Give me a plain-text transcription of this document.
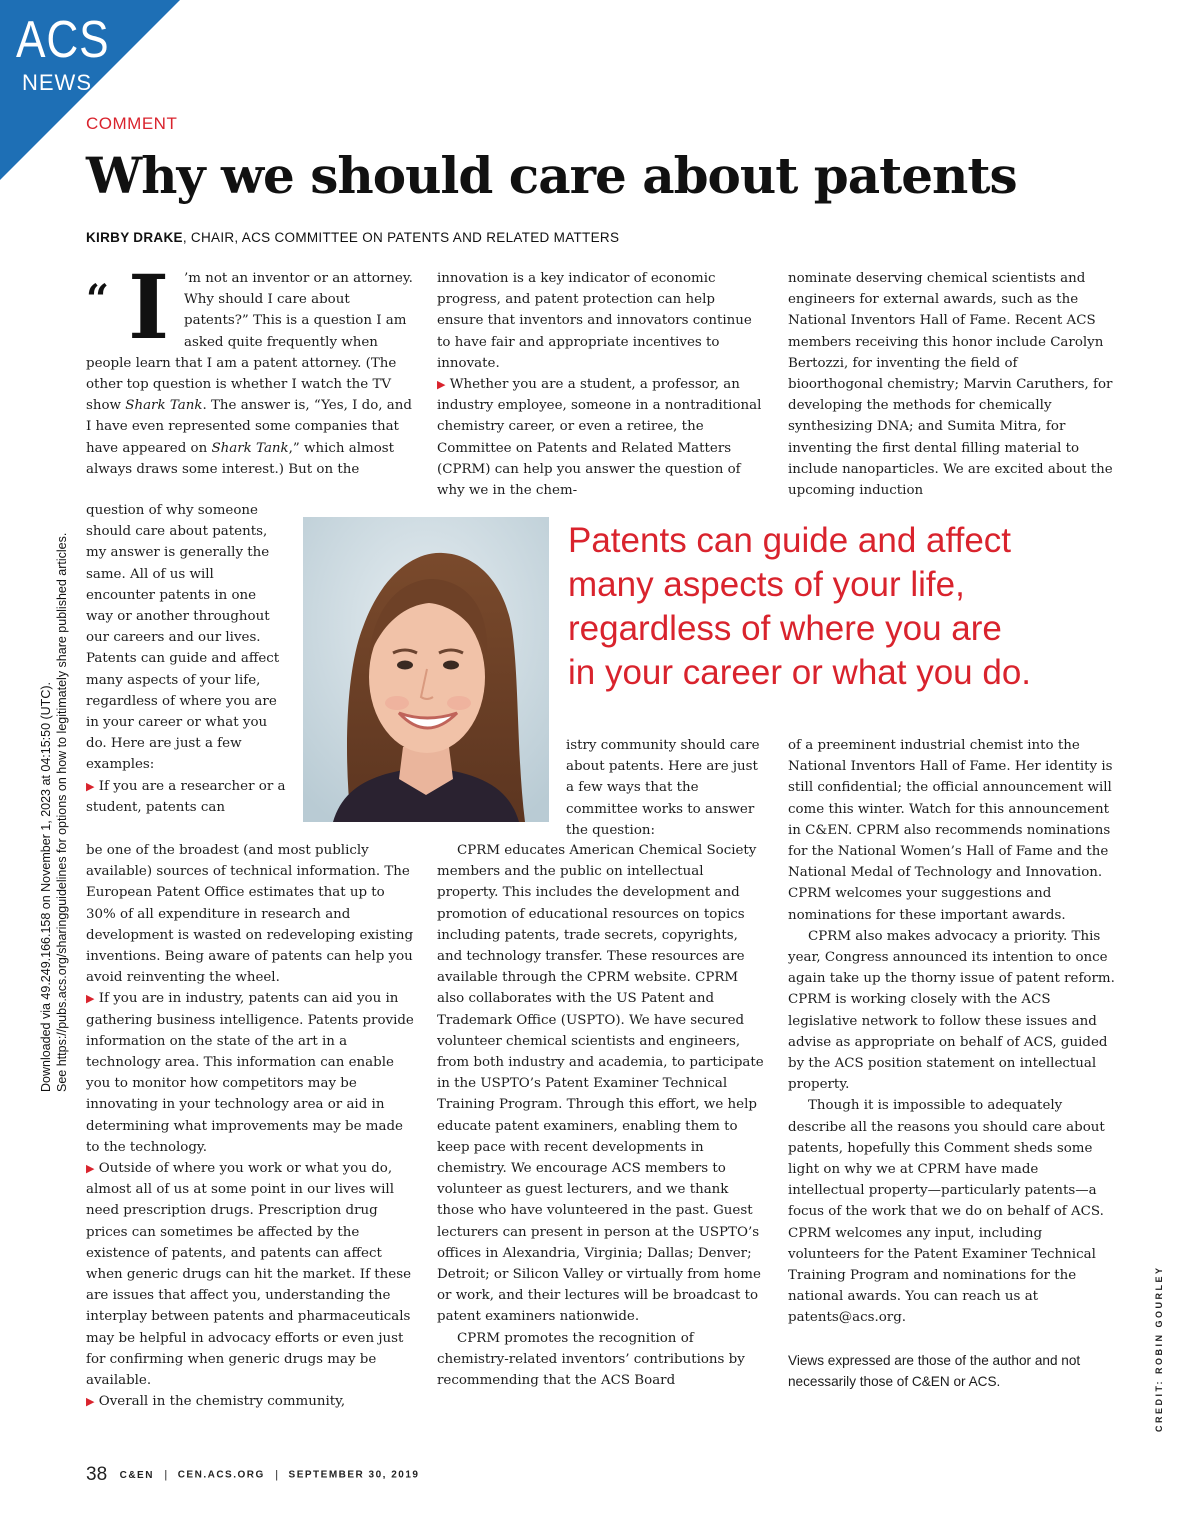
ACS
NEWS
COMMENT
Why we should care about patents
KIRBY DRAKE, CHAIR, ACS COMMITTEE ON PATENTS AND RELATED MATTERS
Downloaded via 49.249.166.158 on November 1, 2023 at 04:15:50 (UTC). See https://pubs.acs.org/sharingguidelines for options on how to legitimately share published articles.
“ I	’m not an inventor or an attorney. Why should I care about patents?” This is a question I am asked quite frequently when people learn that I am a patent attorney. (The other top question is whether I watch the TV show Shark Tank. The answer is, “Yes, I do, and I have even represented some companies that have appeared on Shark Tank,” which almost always draws some interest.) But on the

question of why someone should care about patents, my answer is generally the same. All of us will encounter patents in one way or another throughout our careers and our lives. Patents can guide and affect many aspects of your life, regardless of where you are in your career or what you do. Here are just a few examples:

▶ If you are a researcher or a student, patents can

be one of the broadest (and most publicly available) sources of technical information. The European Patent Office estimates that up to 30% of all expenditure in research and development is wasted on redeveloping existing inventions. Being aware of patents can help you avoid reinventing the wheel.

▶ If you are in industry, patents can aid you in gathering business intelligence. Patents provide information on the state of the art in a technology area. This information can enable you to monitor how competitors may be innovating in your technology area or aid in determining what improvements may be made to the technology.

▶ Outside of where you work or what you do, almost all of us at some point in our lives will need prescription drugs. Prescription drug prices can sometimes be affected by the existence of patents, and patents can affect when generic drugs can hit the market. If these are issues that affect you, understanding the interplay between patents and pharmaceuticals may be helpful in advocacy efforts or even just for confirming when generic drugs may be available.

▶ Overall in the chemistry community,

innovation is a key indicator of economic progress, and patent protection can help ensure that inventors and innovators continue to have fair and appropriate incentives to innovate.

▶ Whether you are a student, a professor, an industry employee, someone in a nontraditional chemistry career, or even a retiree, the Committee on Patents and Related Matters (CPRM) can help you answer the question of why we in the chem-

istry community should care about patents. Here are just a few ways that the committee works to answer the question:

CPRM educates American Chemical Society members and the public on intellectual property. This includes the development and promotion of educational resources on topics including patents, trade secrets, copyrights, and technology transfer. These resources are available through the CPRM website. CPRM also collaborates with the US Patent and Trademark Office (USPTO). We have secured volunteer chemical scientists and engineers, from both industry and academia, to participate in the USPTO’s Patent Examiner Technical Training Program. Through this effort, we help educate patent examiners, enabling them to keep pace with recent developments in chemistry. We encourage ACS members to volunteer as guest lecturers, and we thank those who have volunteered in the past. Guest lecturers can present in person at the USPTO’s offices in Alexandria, Virginia; Dallas; Denver; Detroit; or Silicon Valley or virtually from home or work, and their lectures will be broadcast to patent examiners nationwide.

CPRM promotes the recognition of chemistry-related inventors’ contributions by recommending that the ACS Board

nominate deserving chemical scientists and engineers for external awards, such as the National Inventors Hall of Fame. Recent ACS members receiving this honor include Carolyn Bertozzi, for inventing the field of bioorthogonal chemistry; Marvin Caruthers, for developing the methods for chemically synthesizing DNA; and Sumita Mitra, for inventing the first dental filling material to include nanoparticles. We are excited about the upcoming induction

of a preeminent industrial chemist into the National Inventors Hall of Fame. Her identity is still confidential; the official announcement will come this winter. Watch for this announcement in C&EN. CPRM also recommends nominations for the National Women’s Hall of Fame and the National Medal of Technology and Innovation. CPRM welcomes your suggestions and nominations for these important awards.

CPRM also makes advocacy a priority. This year, Congress announced its intention to once again take up the thorny issue of patent reform. CPRM is working closely with the ACS legislative network to follow these issues and advise as appropriate on behalf of ACS, guided by the ACS position statement on intellectual property.

Though it is impossible to adequately describe all the reasons you should care about patents, hopefully this Comment sheds some light on why we at CPRM have made intellectual property—particularly patents—a focus of the work that we do on behalf of ACS. CPRM welcomes any input, including volunteers for the Patent Examiner Technical Training Program and nominations for the national awards. You can reach us at patents@acs.org.

Views expressed are those of the author and not necessarily those of C&EN or ACS.

Patents can guide and affect

many aspects of your life,

regardless of where you are

in your career or what you do.

CREDIT: ROBIN GOURLEY
38 C&EN | CEN.ACS.ORG | SEPTEMBER 30, 2019
